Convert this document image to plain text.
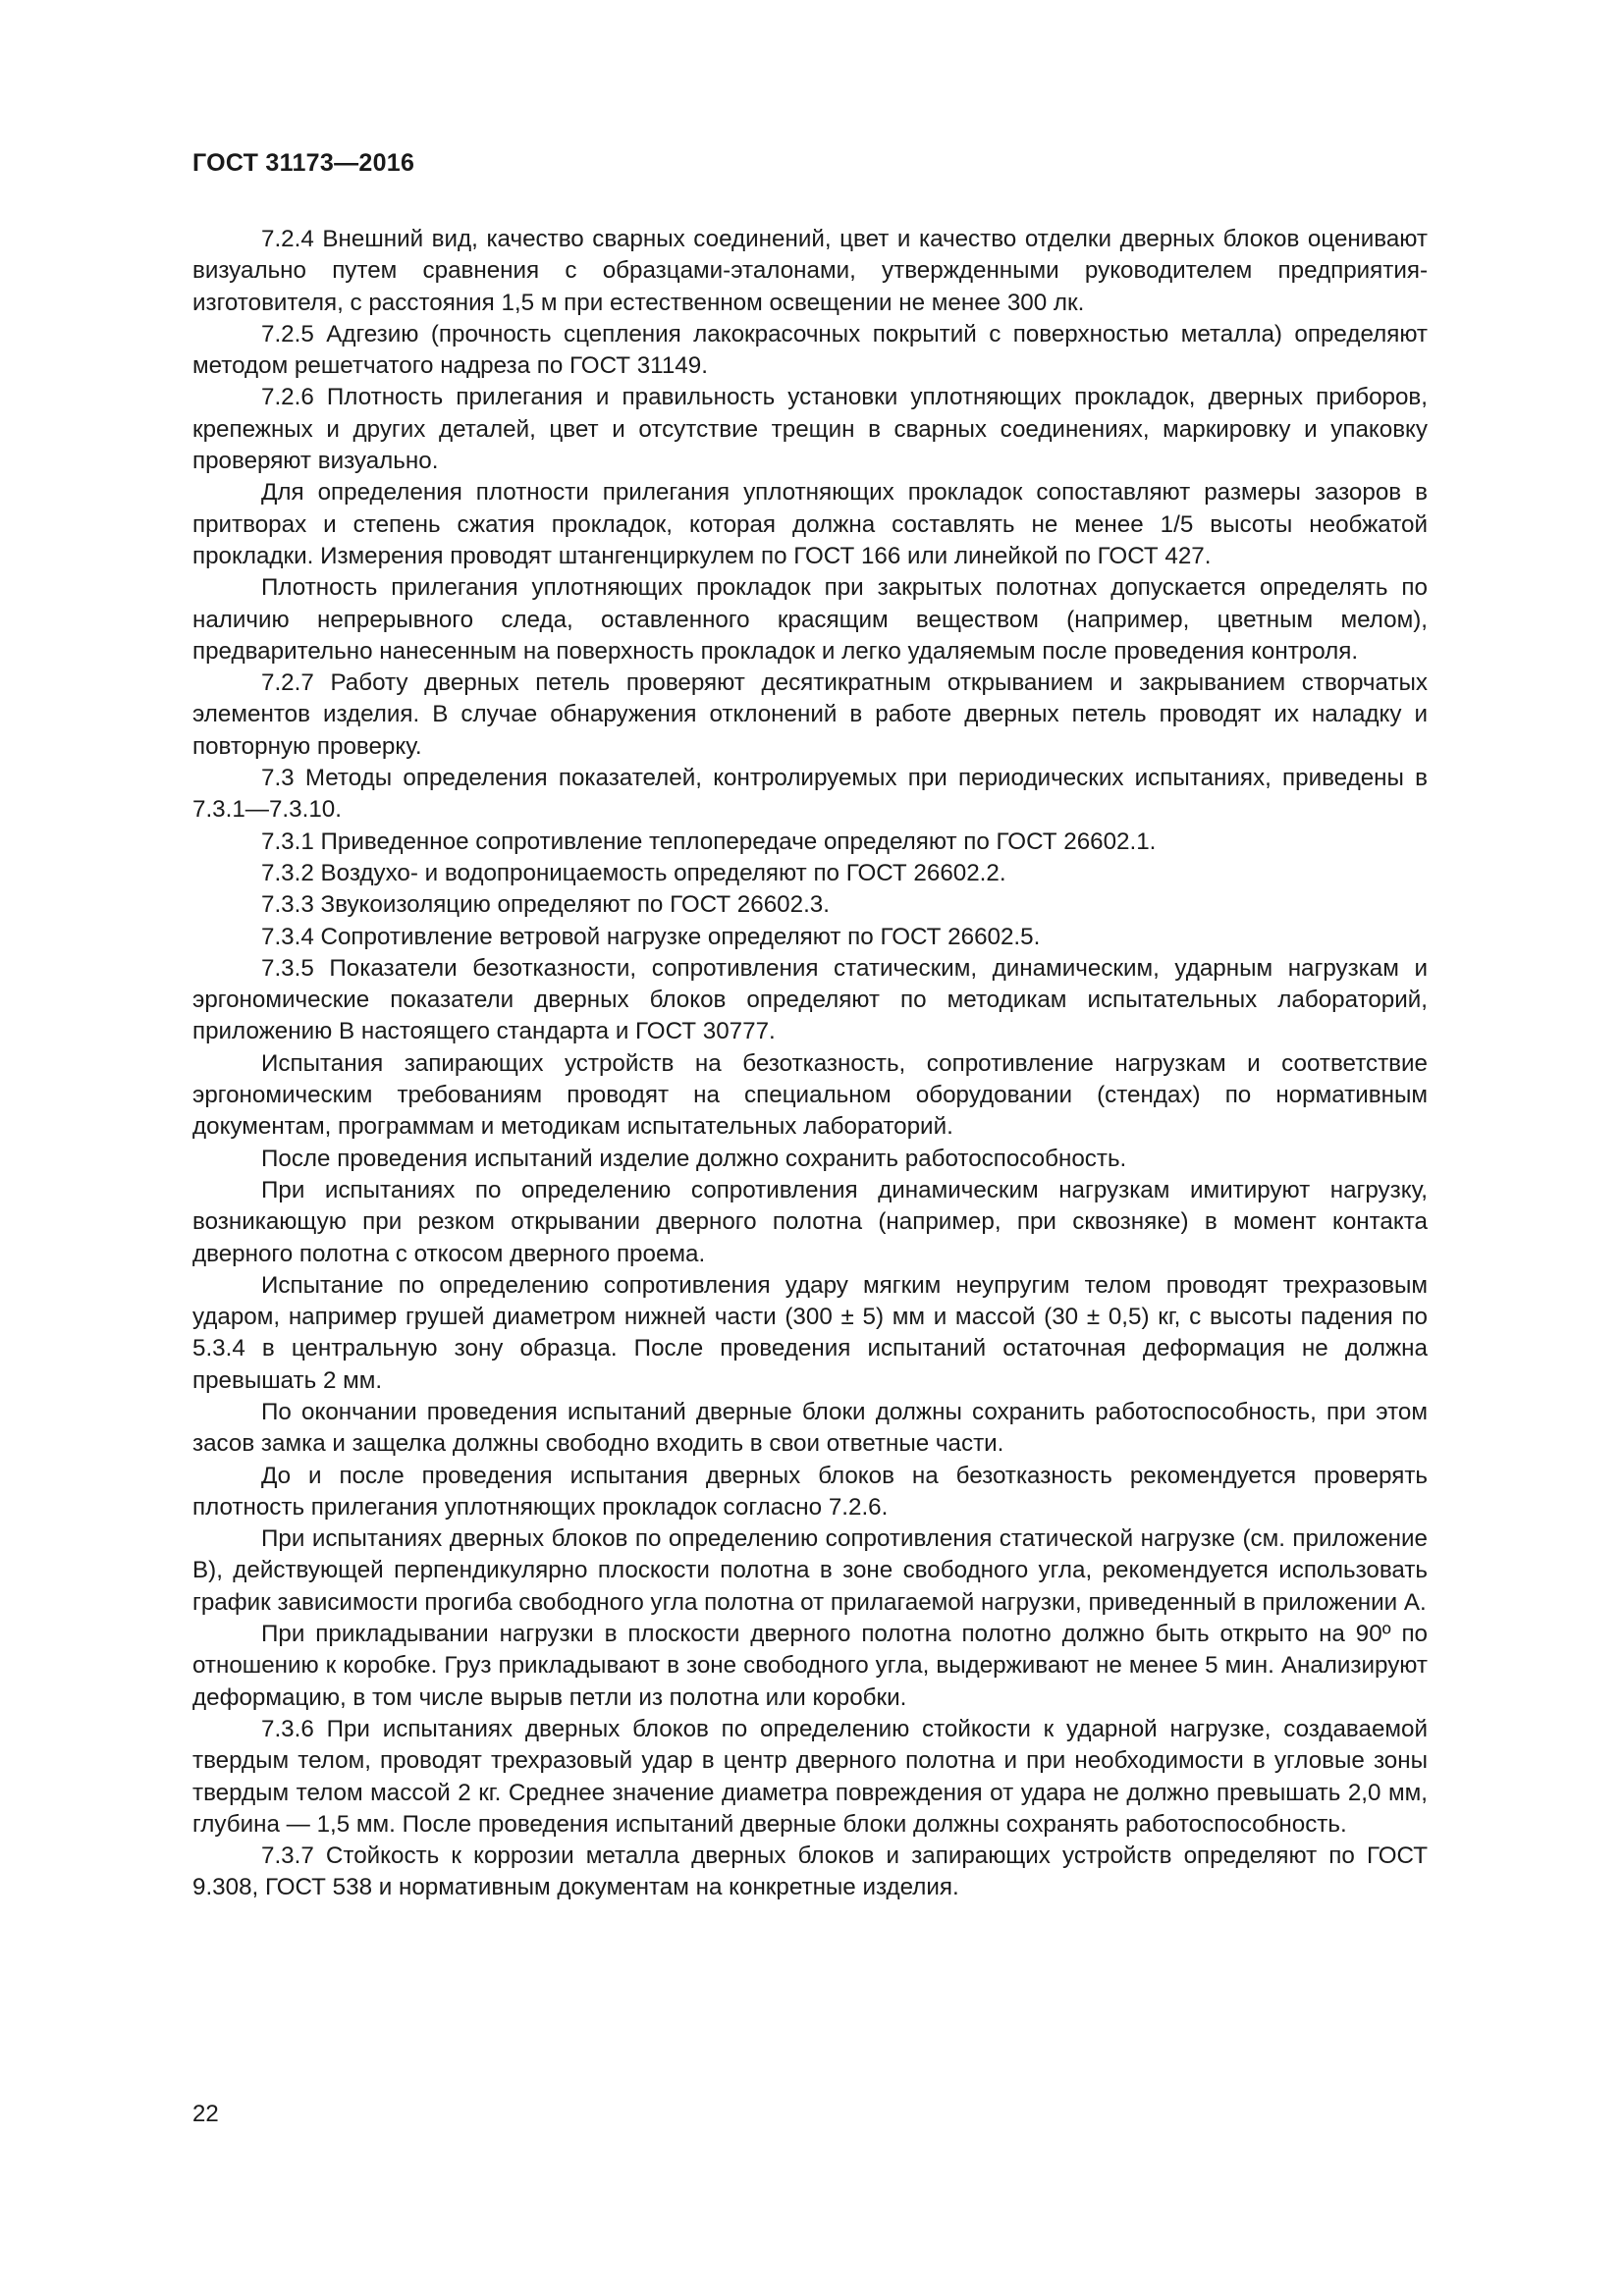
ГОСТ 31173—2016

7.2.4 Внешний вид, качество сварных соединений, цвет и качество отделки дверных блоков оценивают визуально путем сравнения с образцами-эталонами, утвержденными руководителем предприятия-изготовителя, с расстояния 1,5 м при естественном освещении не менее 300 лк.

7.2.5 Адгезию (прочность сцепления лакокрасочных покрытий с поверхностью металла) определяют методом решетчатого надреза по ГОСТ 31149.

7.2.6 Плотность прилегания и правильность установки уплотняющих прокладок, дверных приборов, крепежных и других деталей, цвет и отсутствие трещин в сварных соединениях, маркировку и упаковку проверяют визуально.

Для определения плотности прилегания уплотняющих прокладок сопоставляют размеры зазоров в притворах и степень сжатия прокладок, которая должна составлять не менее 1/5 высоты необжатой прокладки. Измерения проводят штангенциркулем по ГОСТ 166 или линейкой по ГОСТ 427.

Плотность прилегания уплотняющих прокладок при закрытых полотнах допускается определять по наличию непрерывного следа, оставленного красящим веществом (например, цветным мелом), предварительно нанесенным на поверхность прокладок и легко удаляемым после проведения контроля.

7.2.7 Работу дверных петель проверяют десятикратным открыванием и закрыванием створчатых элементов изделия. В случае обнаружения отклонений в работе дверных петель проводят их наладку и повторную проверку.

7.3 Методы определения показателей, контролируемых при периодических испытаниях, приведены в 7.3.1—7.3.10.

7.3.1 Приведенное сопротивление теплопередаче определяют по ГОСТ 26602.1.

7.3.2 Воздухо- и водопроницаемость определяют по ГОСТ 26602.2.

7.3.3 Звукоизоляцию определяют по ГОСТ 26602.3.

7.3.4 Сопротивление ветровой нагрузке определяют по ГОСТ 26602.5.

7.3.5 Показатели безотказности, сопротивления статическим, динамическим, ударным нагрузкам и эргономические показатели дверных блоков определяют по методикам испытательных лабораторий, приложению В настоящего стандарта и ГОСТ 30777.

Испытания запирающих устройств на безотказность, сопротивление нагрузкам и соответствие эргономическим требованиям проводят на специальном оборудовании (стендах) по нормативным документам, программам и методикам испытательных лабораторий.

После проведения испытаний изделие должно сохранить работоспособность.

При испытаниях по определению сопротивления динамическим нагрузкам имитируют нагрузку, возникающую при резком открывании дверного полотна (например, при сквозняке) в момент контакта дверного полотна с откосом дверного проема.

Испытание по определению сопротивления удару мягким неупругим телом проводят трехразовым ударом, например грушей диаметром нижней части (300 ± 5) мм и массой (30 ± 0,5) кг, с высоты падения по 5.3.4 в центральную зону образца. После проведения испытаний остаточная деформация не должна превышать 2 мм.

По окончании проведения испытаний дверные блоки должны сохранить работоспособность, при этом засов замка и защелка должны свободно входить в свои ответные части.

До и после проведения испытания дверных блоков на безотказность рекомендуется проверять плотность прилегания уплотняющих прокладок согласно 7.2.6.

При испытаниях дверных блоков по определению сопротивления статической нагрузке (см. приложение В), действующей перпендикулярно плоскости полотна в зоне свободного угла, рекомендуется использовать график зависимости прогиба свободного угла полотна от прилагаемой нагрузки, приведенный в приложении А.

При прикладывании нагрузки в плоскости дверного полотна полотно должно быть открыто на 90º по отношению к коробке. Груз прикладывают в зоне свободного угла, выдерживают не менее 5 мин. Анализируют деформацию, в том числе вырыв петли из полотна или коробки.

7.3.6 При испытаниях дверных блоков по определению стойкости к ударной нагрузке, создаваемой твердым телом, проводят трехразовый удар в центр дверного полотна и при необходимости в угловые зоны твердым телом массой 2 кг. Среднее значение диаметра повреждения от удара не должно превышать 2,0 мм, глубина — 1,5 мм. После проведения испытаний дверные блоки должны сохранять работоспособность.

7.3.7 Стойкость к коррозии металла дверных блоков и запирающих устройств определяют по ГОСТ 9.308, ГОСТ 538 и нормативным документам на конкретные изделия.

22
